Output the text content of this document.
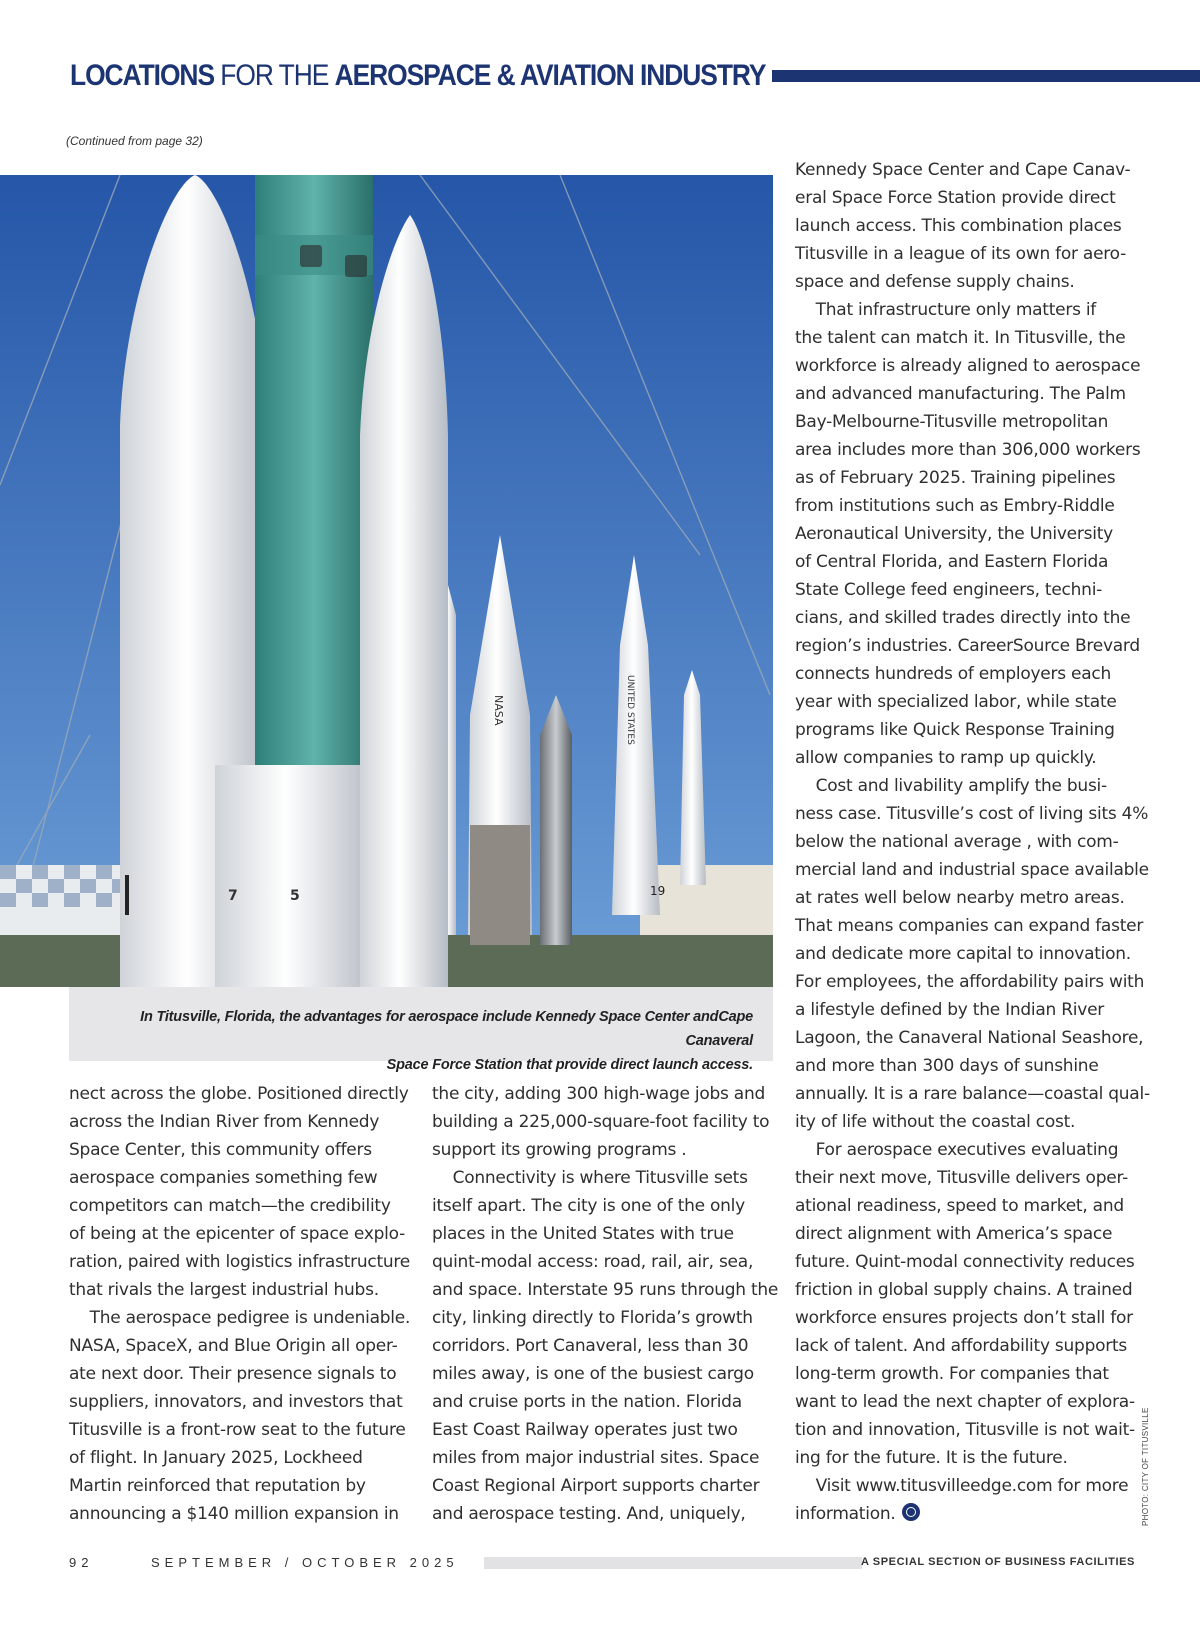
LOCATIONS FOR THE AEROSPACE & AVIATION INDUSTRY
(Continued from page 32)
NASA	UNITED STATES
19
7	5
In Titusville, Florida, the advantages for aerospace include Kennedy Space Center andCape Canaveral
Space Force Station that provide direct launch access.

nect across the globe. Positioned directly

across the Indian River from Kennedy

Space Center, this community offers

aerospace companies something few

competitors can match—the credibility

of being at the epicenter of space explo-

ration, paired with logistics infrastructure

that rivals the largest industrial hubs.

The aerospace pedigree is undeniable.

NASA, SpaceX, and Blue Origin all oper-

ate next door. Their presence signals to

suppliers, innovators, and investors that

Titusville is a front-row seat to the future

of flight. In January 2025, Lockheed

Martin reinforced that reputation by

announcing a $140 million expansion in

the city, adding 300 high-wage jobs and

building a 225,000-square-foot facility to

support its growing programs .

Connectivity is where Titusville sets

itself apart. The city is one of the only

places in the United States with true

quint-modal access: road, rail, air, sea,

and space. Interstate 95 runs through the

city, linking directly to Florida’s growth

corridors. Port Canaveral, less than 30

miles away, is one of the busiest cargo

and cruise ports in the nation. Florida

East Coast Railway operates just two

miles from major industrial sites. Space

Coast Regional Airport supports charter

and aerospace testing. And, uniquely,

Kennedy Space Center and Cape Canav-

eral Space Force Station provide direct

launch access. This combination places

Titusville in a league of its own for aero-

space and defense supply chains.

That infrastructure only matters if

the talent can match it. In Titusville, the

workforce is already aligned to aerospace

and advanced manufacturing. The Palm

Bay-Melbourne-Titusville metropolitan

area includes more than 306,000 workers

as of February 2025. Training pipelines

from institutions such as Embry-Riddle

Aeronautical University, the University

of Central Florida, and Eastern Florida

State College feed engineers, techni-

cians, and skilled trades directly into the

region’s industries. CareerSource Brevard

connects hundreds of employers each

year with specialized labor, while state

programs like Quick Response Training

allow companies to ramp up quickly.

Cost and livability amplify the busi-

ness case. Titusville’s cost of living sits 4%

below the national average , with com-

mercial land and industrial space available

at rates well below nearby metro areas.

That means companies can expand faster

and dedicate more capital to innovation.

For employees, the affordability pairs with

a lifestyle defined by the Indian River

Lagoon, the Canaveral National Seashore,

and more than 300 days of sunshine

annually. It is a rare balance—coastal qual-

ity of life without the coastal cost.

For aerospace executives evaluating

their next move, Titusville delivers oper-

ational readiness, speed to market, and

direct alignment with America’s space

future. Quint-modal connectivity reduces

friction in global supply chains. A trained

workforce ensures projects don’t stall for

lack of talent. And affordability supports

long-term growth. For companies that

want to lead the next chapter of explora-

tion and innovation, Titusville is not wait-

ing for the future. It is the future.

Visit www.titusvilleedge.com for more

information.	PHOTO: CITY OF TITUSVILLE
92	SEPTEMBER / OCTOBER 2025	A SPECIAL SECTION OF BUSINESS FACILITIES
